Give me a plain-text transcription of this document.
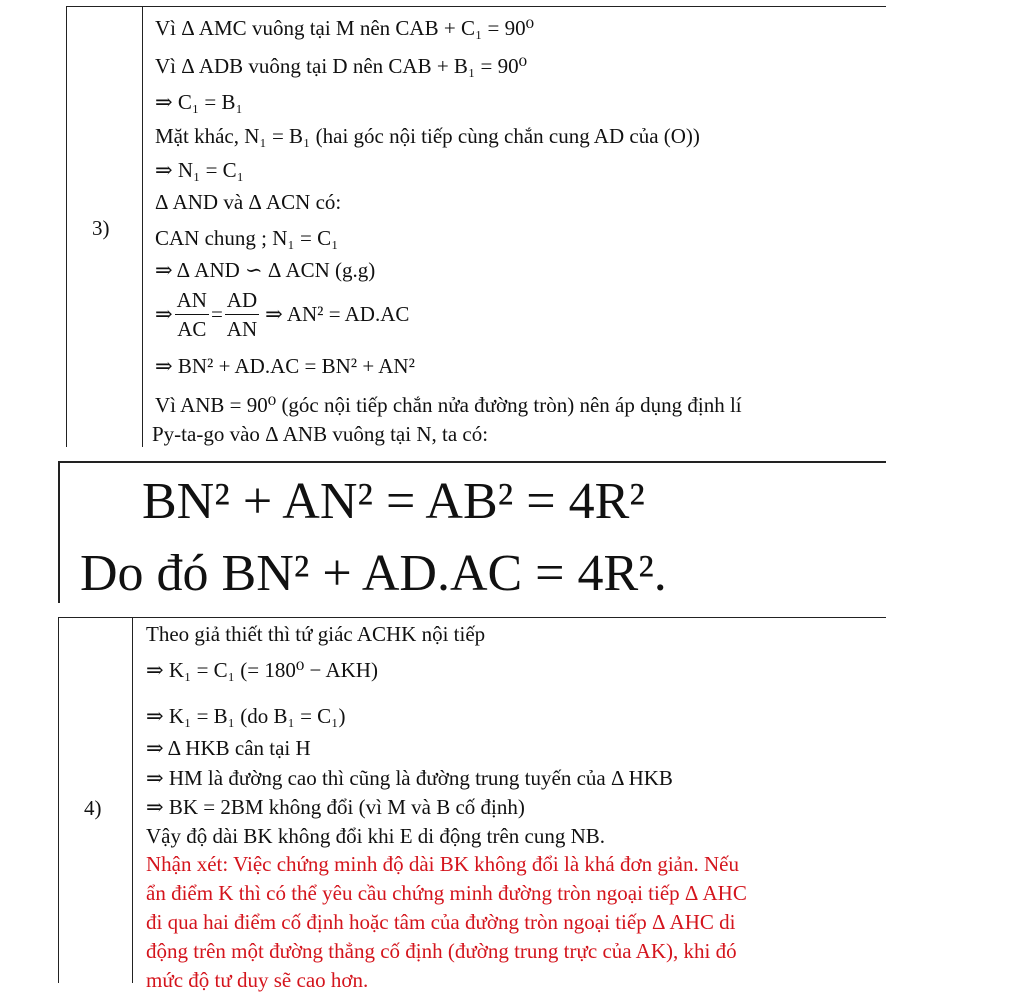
3)
Vì Δ AMC vuông tại M nên CAB + C₁ = 90⁰
Vì Δ ADB vuông tại D nên CAB + B₁ = 90⁰
⇒ C₁ = B₁
Mặt khác, N₁ = B₁ (hai góc nội tiếp cùng chắn cung AD của (O))
⇒ N₁ = C₁
Δ AND và Δ ACN có:
CAN chung ; N₁ = C₁
⇒ Δ AND ∽ Δ ACN (g.g)
⇒ $\frac{AN}{AC} = \frac{AD}{AN}$ ⇒ AN² = AD.AC
⇒ BN² + AD.AC = BN² + AN²
Vì ANB = 90⁰ (góc nội tiếp chắn nửa đường tròn) nên áp dụng định lí
Py-ta-go vào Δ ANB vuông tại N, ta có:
BN² + AN² = AB² = 4R²
Do đó BN² + AD.AC = 4R².
4)
Theo giả thiết thì tứ giác ACHK nội tiếp
⇒ K₁ = C₁ (= 180⁰ − AKH)
⇒ K₁ = B₁ (do B₁ = C₁)
⇒ Δ HKB cân tại H
⇒ HM là đường cao thì cũng là đường trung tuyến của Δ HKB
⇒ BK = 2BM không đổi (vì M và B cố định)
Vậy độ dài BK không đổi khi E di động trên cung NB.
Nhận xét: Việc chứng minh độ dài BK không đổi là khá đơn giản. Nếu
ẩn điểm K thì có thể yêu cầu chứng minh đường tròn ngoại tiếp Δ AHC
đi qua hai điểm cố định hoặc tâm của đường tròn ngoại tiếp Δ AHC di
động trên một đường thẳng cố định (đường trung trực của AK), khi đó
mức độ tư duy sẽ cao hơn.
